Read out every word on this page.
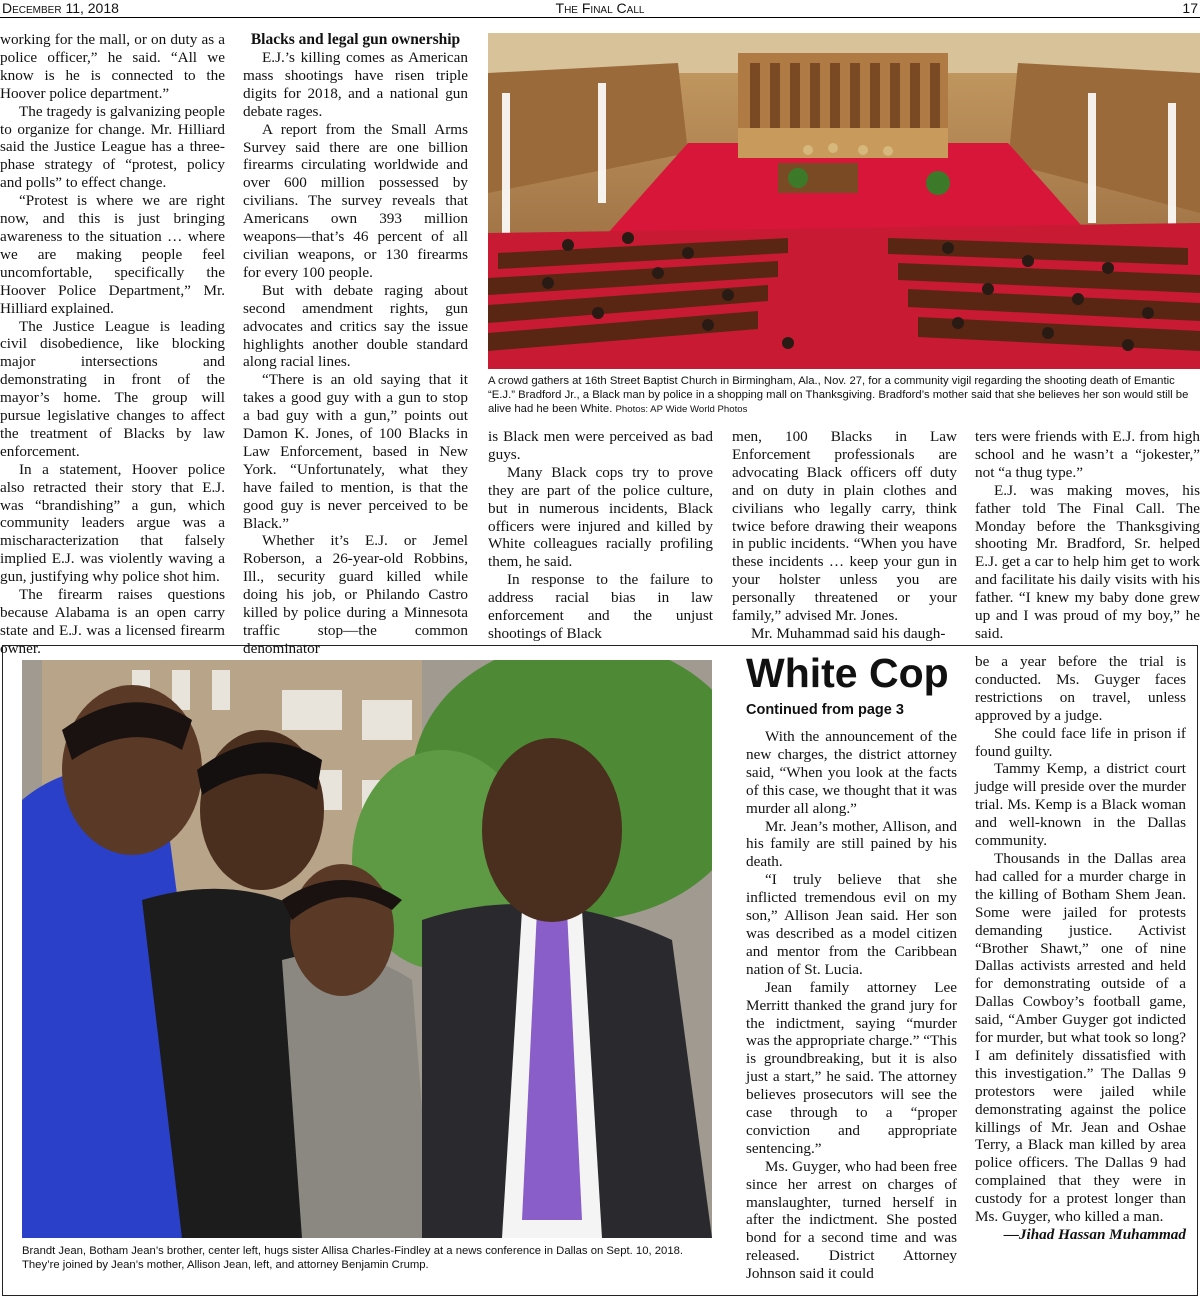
December 11, 2018	The Final Call	17

working for the mall, or on duty as a police officer,” he said. “All we know is he is connected to the Hoover police department.”

The tragedy is galvanizing people to organize for change. Mr. Hilliard said the Justice League has a three-phase strategy of “protest, policy and polls” to effect change.

“Protest is where we are right now, and this is just bringing awareness to the situation … where we are making people feel uncomfortable, specifically the Hoover Police Department,” Mr. Hilliard explained.

The Justice League is leading civil disobedience, like blocking major intersections and demonstrating in front of the mayor’s home. The group will pursue legislative changes to affect the treatment of Blacks by law enforcement.

In a statement, Hoover police also retracted their story that E.J. was “brandishing” a gun, which community leaders argue was a mischaracterization that falsely implied E.J. was violently waving a gun, justifying why police shot him.

The firearm raises questions because Alabama is an open carry state and E.J. was a licensed firearm owner.

Blacks and legal gun ownership

E.J.’s killing comes as American mass shootings have risen triple digits for 2018, and a national gun debate rages.

A report from the Small Arms Survey said there are one billion firearms circulating worldwide and over 600 million possessed by civilians. The survey reveals that Americans own 393 million weapons—that’s 46 percent of all civilian weapons, or 130 firearms for every 100 people.

But with debate raging about second amendment rights, gun advocates and critics say the issue highlights another double standard along racial lines.

“There is an old saying that it takes a good guy with a gun to stop a bad guy with a gun,” points out Damon K. Jones, of 100 Blacks in Law Enforcement, based in New York. “Unfortunately, what they have failed to mention, is that the good guy is never perceived to be Black.”

Whether it’s E.J. or Jemel Roberson, a 26-year-old Robbins, Ill., security guard killed while doing his job, or Philando Castro killed by police during a Minnesota traffic stop—the common denominator

A crowd gathers at 16th Street Baptist Church in Birmingham, Ala., Nov. 27, for a community vigil regarding the shooting death of Emantic “E.J.” Bradford Jr., a Black man by police in a shopping mall on Thanksgiving. Bradford’s mother said that she believes her son would still be alive had he been White. Photos: AP Wide World Photos

is Black men were perceived as bad guys.

Many Black cops try to prove they are part of the police culture, but in numerous incidents, Black officers were injured and killed by White colleagues racially profiling them, he said.

In response to the failure to address racial bias in law enforcement and the unjust shootings of Black

men, 100 Blacks in Law Enforcement professionals are advocating Black officers off duty and on duty in plain clothes and civilians who legally carry, think twice before drawing their weapons in public incidents. “When you have these incidents … keep your gun in your holster unless you are personally threatened or your family,” advised Mr. Jones.

Mr. Muhammad said his daugh-

ters were friends with E.J. from high school and he wasn’t a “jokester,” not “a thug type.”

E.J. was making moves, his father told The Final Call. The Monday before the Thanksgiving shooting Mr. Bradford, Sr. helped E.J. get a car to help him get to work and facilitate his daily visits with his father. “I knew my baby done grew up and I was proud of my boy,” he said.

Brandt Jean, Botham Jean’s brother, center left, hugs sister Allisa Charles-Findley at a news conference in Dallas on Sept. 10, 2018. They’re joined by Jean’s mother, Allison Jean, left, and attorney Benjamin Crump.
White Cop
Continued from page 3

With the announcement of the new charges, the district attorney said, “When you look at the facts of this case, we thought that it was murder all along.”

Mr. Jean’s mother, Allison, and his family are still pained by his death.

“I truly believe that she inflicted tremendous evil on my son,” Allison Jean said. Her son was described as a model citizen and mentor from the Caribbean nation of St. Lucia.

Jean family attorney Lee Merritt thanked the grand jury for the indictment, saying “murder was the appropriate charge.” “This is groundbreaking, but it is also just a start,” he said. The attorney believes prosecutors will see the case through to a “proper conviction and appropriate sentencing.”

Ms. Guyger, who had been free since her arrest on charges of manslaughter, turned herself in after the indictment. She posted bond for a second time and was released. District Attorney Johnson said it could

be a year before the trial is conducted. Ms. Guyger faces restrictions on travel, unless approved by a judge.

She could face life in prison if found guilty.

Tammy Kemp, a district court judge will preside over the murder trial. Ms. Kemp is a Black woman and well-known in the Dallas community.

Thousands in the Dallas area had called for a murder charge in the killing of Botham Shem Jean. Some were jailed for protests demanding justice. Activist “Brother Shawt,” one of nine Dallas activists arrested and held for demonstrating outside of a Dallas Cowboy’s football game, said, “Amber Guyger got indicted for murder, but what took so long? I am definitely dissatisfied with this investigation.” The Dallas 9 protestors were jailed while demonstrating against the police killings of Mr. Jean and Oshae Terry, a Black man killed by area police officers. The Dallas 9 had complained that they were in custody for a protest longer than Ms. Guyger, who killed a man.

—Jihad Hassan Muhammad
